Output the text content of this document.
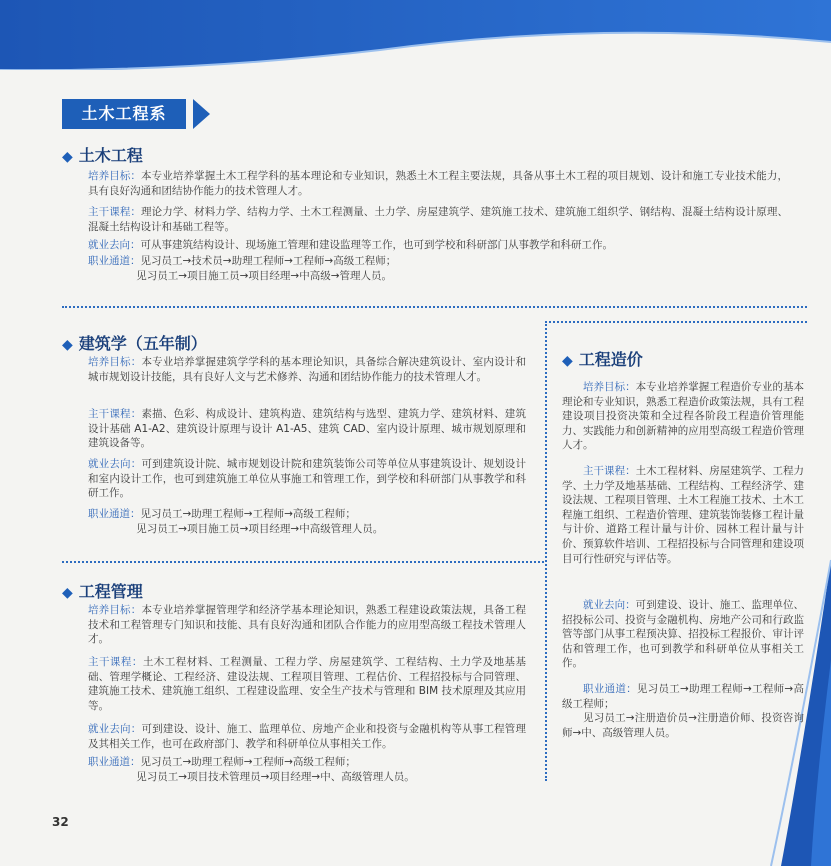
土木工程系
◆ 土木工程
培养目标：本专业培养掌握土木工程学科的基本理论和专业知识，熟悉土木工程主要法规，具备从事土木工程的项目规划、设计和施工专业技术能力，具有良好沟通和团结协作能力的技术管理人才。
主干课程：理论力学、材料力学、结构力学、土木工程测量、土力学、房屋建筑学、建筑施工技术、建筑施工组织学、钢结构、混凝土结构设计原理、混凝土结构设计和基础工程等。
就业去向：可从事建筑结构设计、现场施工管理和建设监理等工作，也可到学校和科研部门从事教学和科研工作。
职业通道：见习员工→技术员→助理工程师→工程师→高级工程师；
见习员工→项目施工员→项目经理→中高级→管理人员。
◆ 建筑学（五年制）
培养目标：本专业培养掌握建筑学学科的基本理论知识，具备综合解决建筑设计、室内设计和城市规划设计技能，具有良好人文与艺术修养、沟通和团结协作能力的技术管理人才。
主干课程：素描、色彩、构成设计、建筑构造、建筑结构与选型、建筑力学、建筑材料、建筑设计基础 A1-A2、建筑设计原理与设计 A1-A5、建筑 CAD、室内设计原理、城市规划原理和建筑设备等。
就业去向：可到建筑设计院、城市规划设计院和建筑装饰公司等单位从事建筑设计、规划设计和室内设计工作，也可到建筑施工单位从事施工和管理工作，到学校和科研部门从事教学和科研工作。
职业通道：见习员工→助理工程师→工程师→高级工程师；
见习员工→项目施工员→项目经理→中高级管理人员。
◆ 工程管理
培养目标：本专业培养掌握管理学和经济学基本理论知识，熟悉工程建设政策法规，具备工程技术和工程管理专门知识和技能、具有良好沟通和团队合作能力的应用型高级工程技术管理人才。
主干课程：土木工程材料、工程测量、工程力学、房屋建筑学、工程结构、土力学及地基基础、管理学概论、工程经济、建设法规、工程项目管理、工程估价、工程招投标与合同管理、建筑施工技术、建筑施工组织、工程建设监理、安全生产技术与管理和 BIM 技术原理及其应用等。
就业去向：可到建设、设计、施工、监理单位、房地产企业和投资与金融机构等从事工程管理及其相关工作，也可在政府部门、教学和科研单位从事相关工作。
职业通道：见习员工→助理工程师→工程师→高级工程师；
见习员工→项目技术管理员→项目经理→中、高级管理人员。
◆ 工程造价
培养目标：本专业培养掌握工程造价专业的基本理论和专业知识，熟悉工程造价政策法规，具有工程建设项目投资决策和全过程各阶段工程造价管理能力、实践能力和创新精神的应用型高级工程造价管理人才。
主干课程：土木工程材料、房屋建筑学、工程力学、土力学及地基基础、工程结构、工程经济学、建设法规、工程项目管理、土木工程施工技术、土木工程施工组织、工程造价管理、建筑装饰装修工程计量与计价、道路工程计量与计价、园林工程计量与计价、预算软件培训、工程招投标与合同管理和建设项目可行性研究与评估等。
就业去向：可到建设、设计、施工、监理单位、招投标公司、投资与金融机构、房地产公司和行政监管等部门从事工程预决算、招投标工程报价、审计评估和管理工作，也可到教学和科研单位从事相关工作。
职业通道：见习员工→助理工程师→工程师→高级工程师；
见习员工→注册造价员→注册造价师、投资咨询师→中、高级管理人员。
32
